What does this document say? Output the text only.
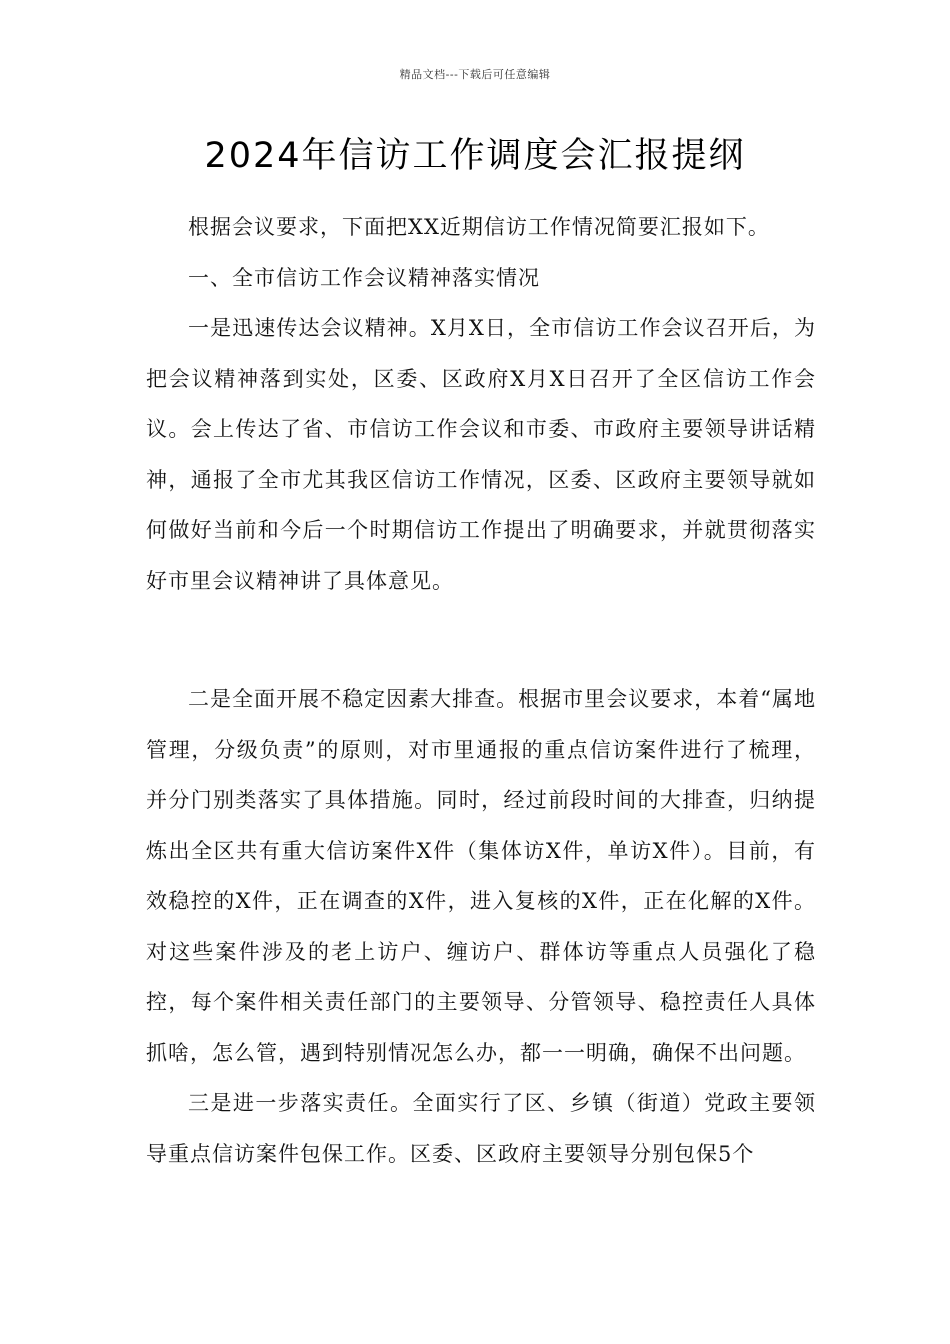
精品文档---下载后可任意编辑
2024年信访工作调度会汇报提纲

根据会议要求，下面把XX近期信访工作情况简要汇报如下。

一、全市信访工作会议精神落实情况

一是迅速传达会议精神。X月X日，全市信访工作会议召开后，为把会议精神落到实处，区委、区政府X月X日召开了全区信访工作会议。会上传达了省、市信访工作会议和市委、市政府主要领导讲话精神，通报了全市尤其我区信访工作情况，区委、区政府主要领导就如何做好当前和今后一个时期信访工作提出了明确要求，并就贯彻落实好市里会议精神讲了具体意见。

二是全面开展不稳定因素大排查。根据市里会议要求，本着“属地管理，分级负责”的原则，对市里通报的重点信访案件进行了梳理，并分门别类落实了具体措施。同时，经过前段时间的大排查，归纳提炼出全区共有重大信访案件X件（集体访X件，单访X件）。目前，有效稳控的X件，正在调查的X件，进入复核的X件，正在化解的X件。对这些案件涉及的老上访户、缠访户、群体访等重点人员强化了稳控，每个案件相关责任部门的主要领导、分管领导、稳控责任人具体抓啥，怎么管，遇到特别情况怎么办，都一一明确，确保不出问题。

三是进一步落实责任。全面实行了区、乡镇（街道）党政主要领导重点信访案件包保工作。区委、区政府主要领导分别包保5个
